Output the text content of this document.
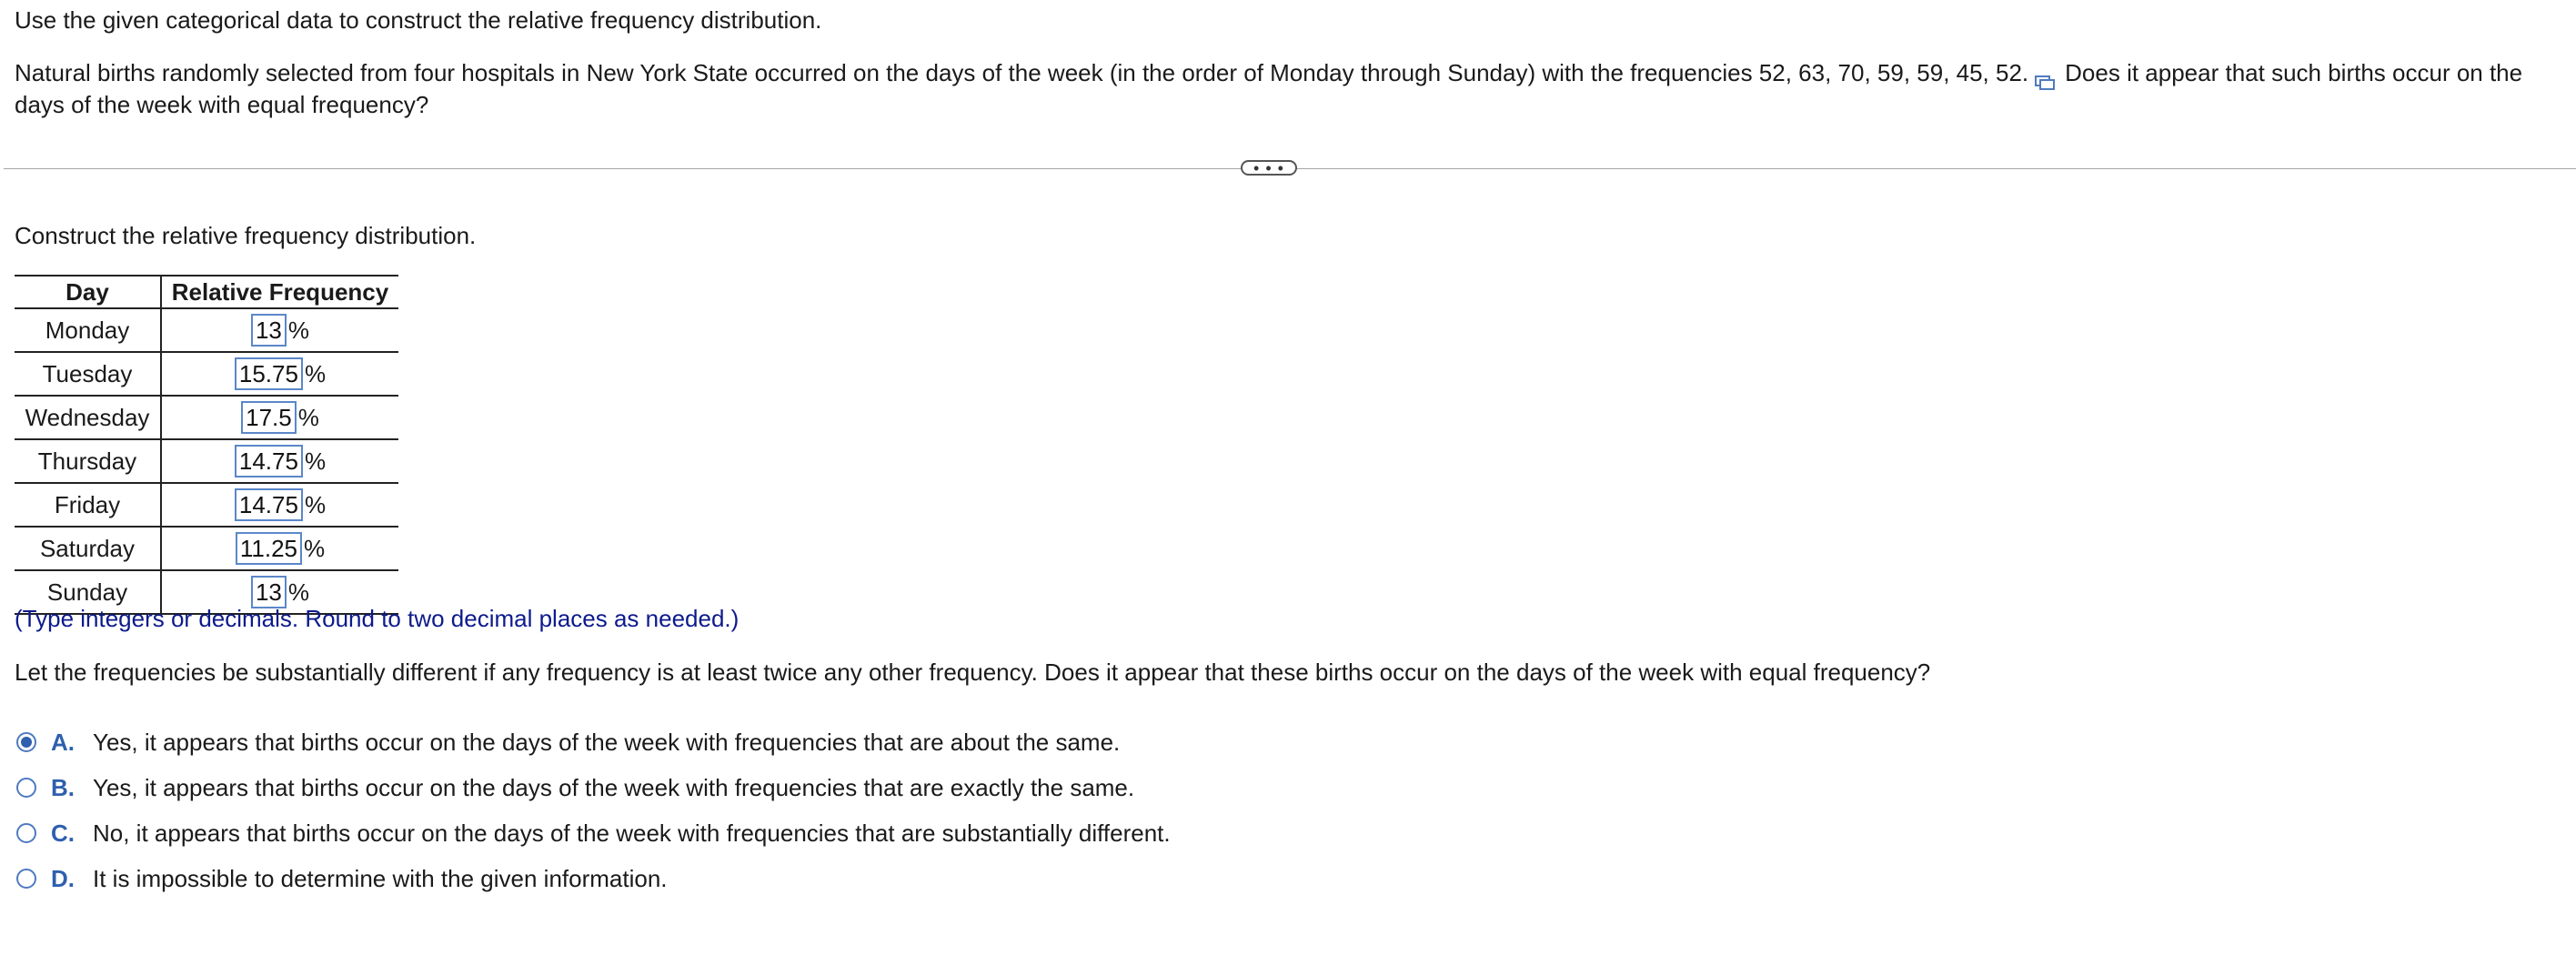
Use the given categorical data to construct the relative frequency distribution.
Natural births randomly selected from four hospitals in New York State occurred on the days of the week (in the order of Monday through Sunday) with the frequencies 52, 63, 70, 59, 59, 45, 52. Does it appear that such births occur on the
days of the week with equal frequency?
• • •
Construct the relative frequency distribution.
Day	Relative Frequency
Monday	13 %
Tuesday	15.75 %
Wednesday	17.5 %
Thursday	14.75 %
Friday	14.75 %
Saturday	11.25 %
Sunday	13 %
(Type integers or decimals. Round to two decimal places as needed.)
Let the frequencies be substantially different if any frequency is at least twice any other frequency. Does it appear that these births occur on the days of the week with equal frequency?
A. Yes, it appears that births occur on the days of the week with frequencies that are about the same.
B. Yes, it appears that births occur on the days of the week with frequencies that are exactly the same.
C. No, it appears that births occur on the days of the week with frequencies that are substantially different.
D. It is impossible to determine with the given information.
